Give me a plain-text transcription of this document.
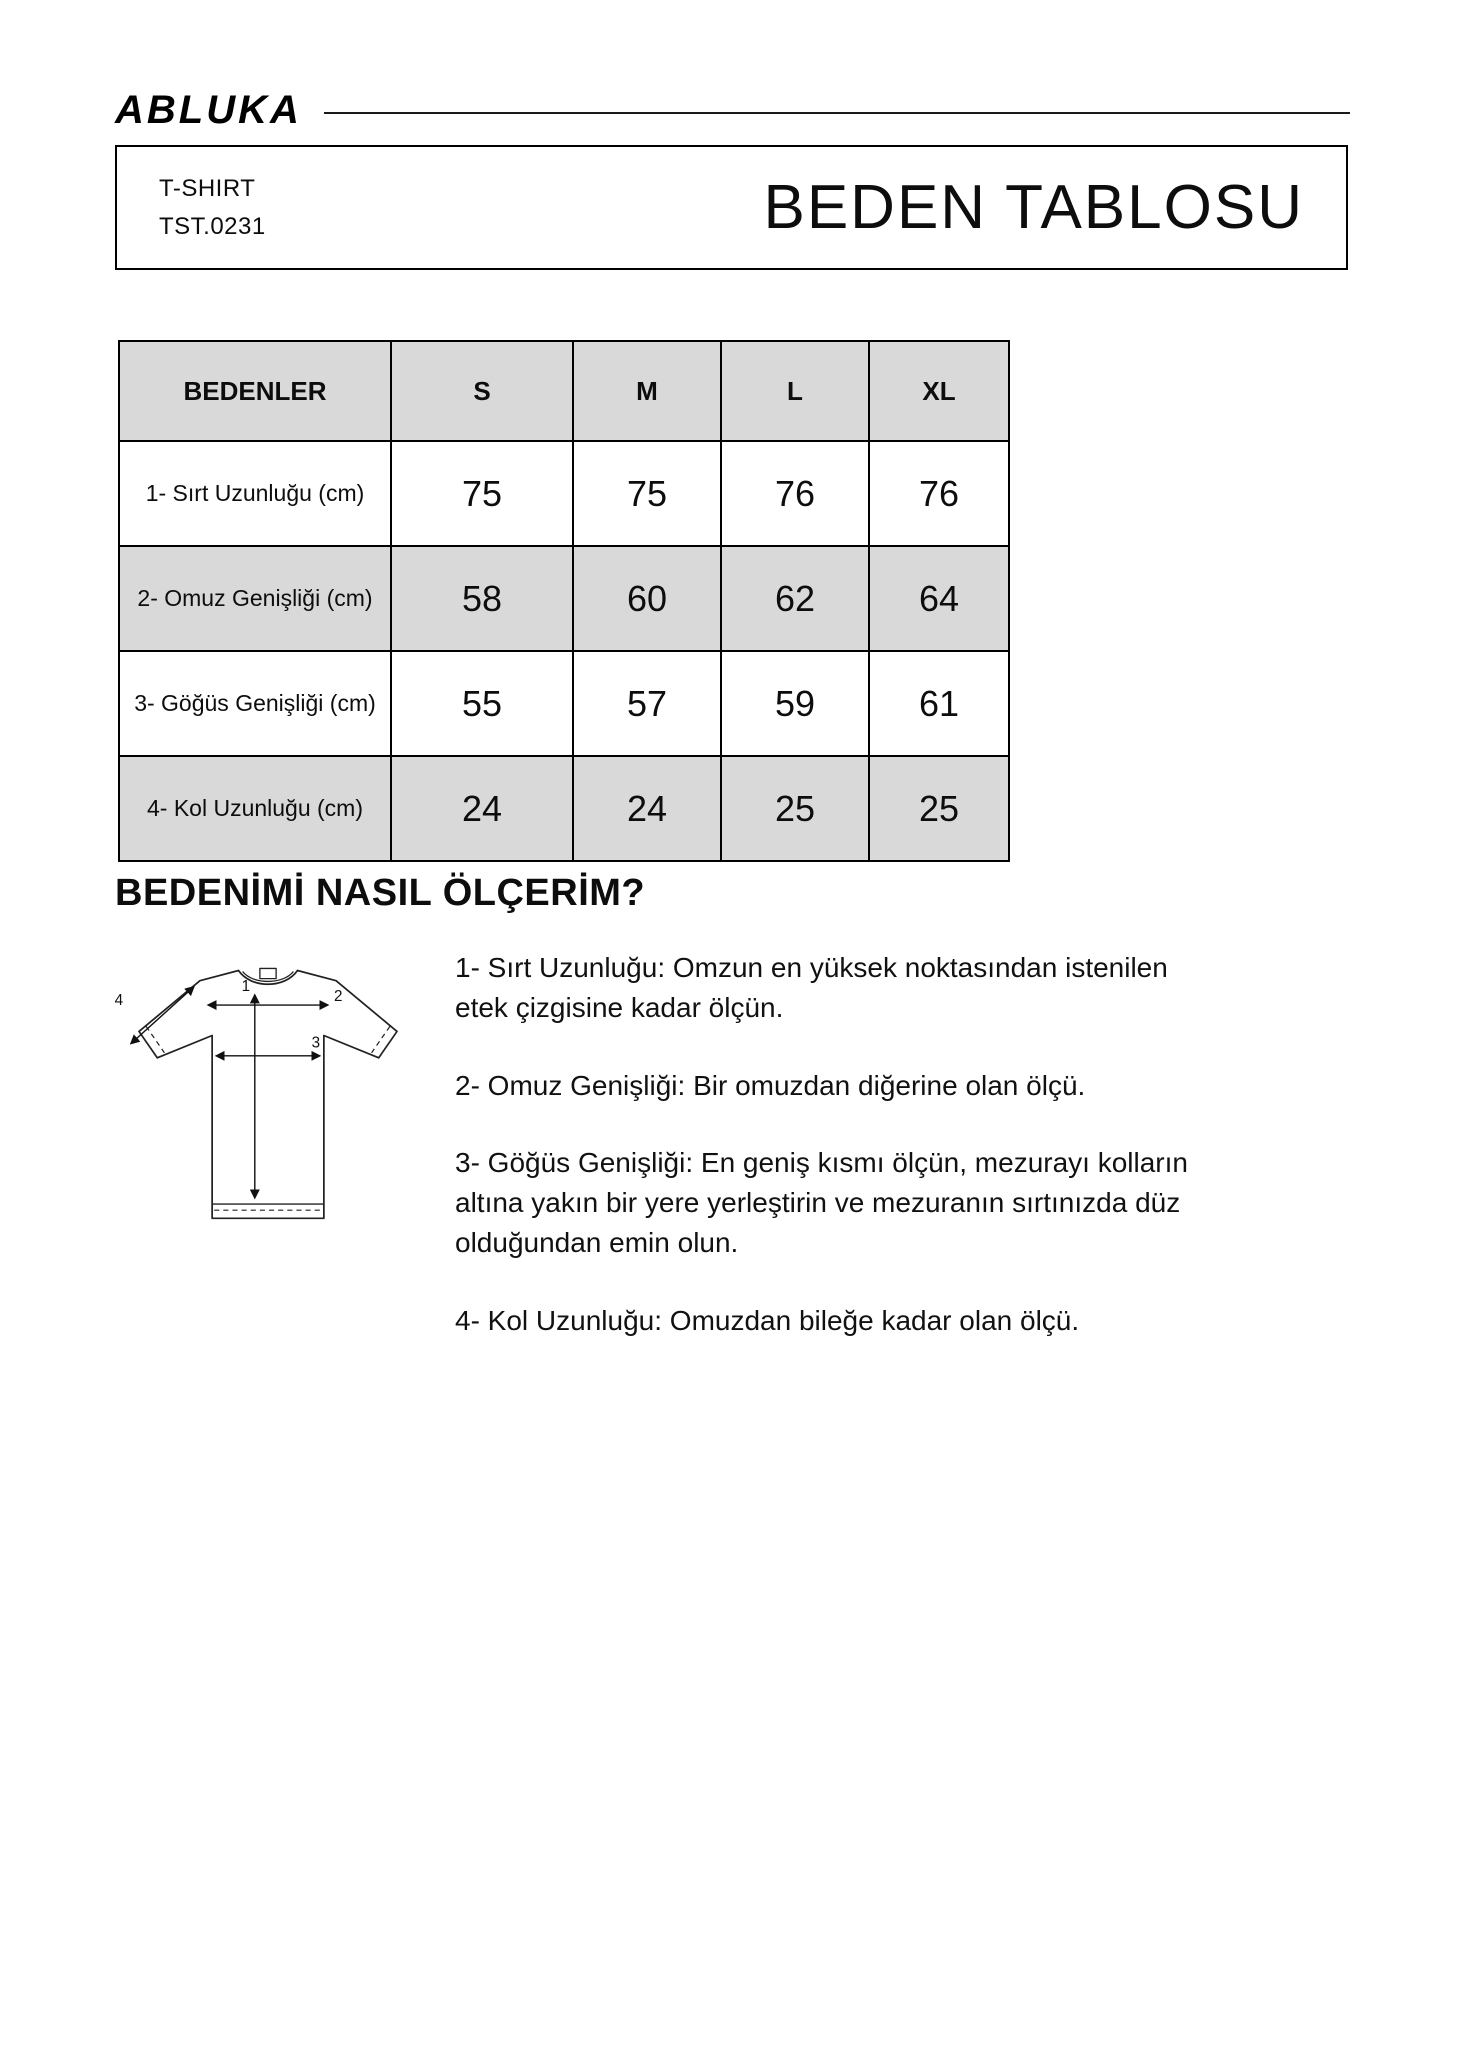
ABLUKA
T-SHIRT
TST.0231	BEDEN TABLOSU
BEDENLER	S	M	L	XL
1- Sırt Uzunluğu (cm)	75	75	76	76
2- Omuz Genişliği (cm)	58	60	62	64
3- Göğüs Genişliği (cm)	55	57	59	61
4- Kol Uzunluğu (cm)	24	24	25	25
BEDENİMİ NASIL ÖLÇERİM?
1
2
3
4

1- Sırt Uzunluğu: Omzun en yüksek noktasından istenilen etek çizgisine kadar ölçün.

2- Omuz Genişliği: Bir omuzdan diğerine olan ölçü.

3- Göğüs Genişliği: En geniş kısmı ölçün, mezurayı kolların altına yakın bir yere yerleştirin ve mezuranın sırtınızda düz olduğundan emin olun.

4- Kol Uzunluğu: Omuzdan bileğe kadar olan ölçü.
